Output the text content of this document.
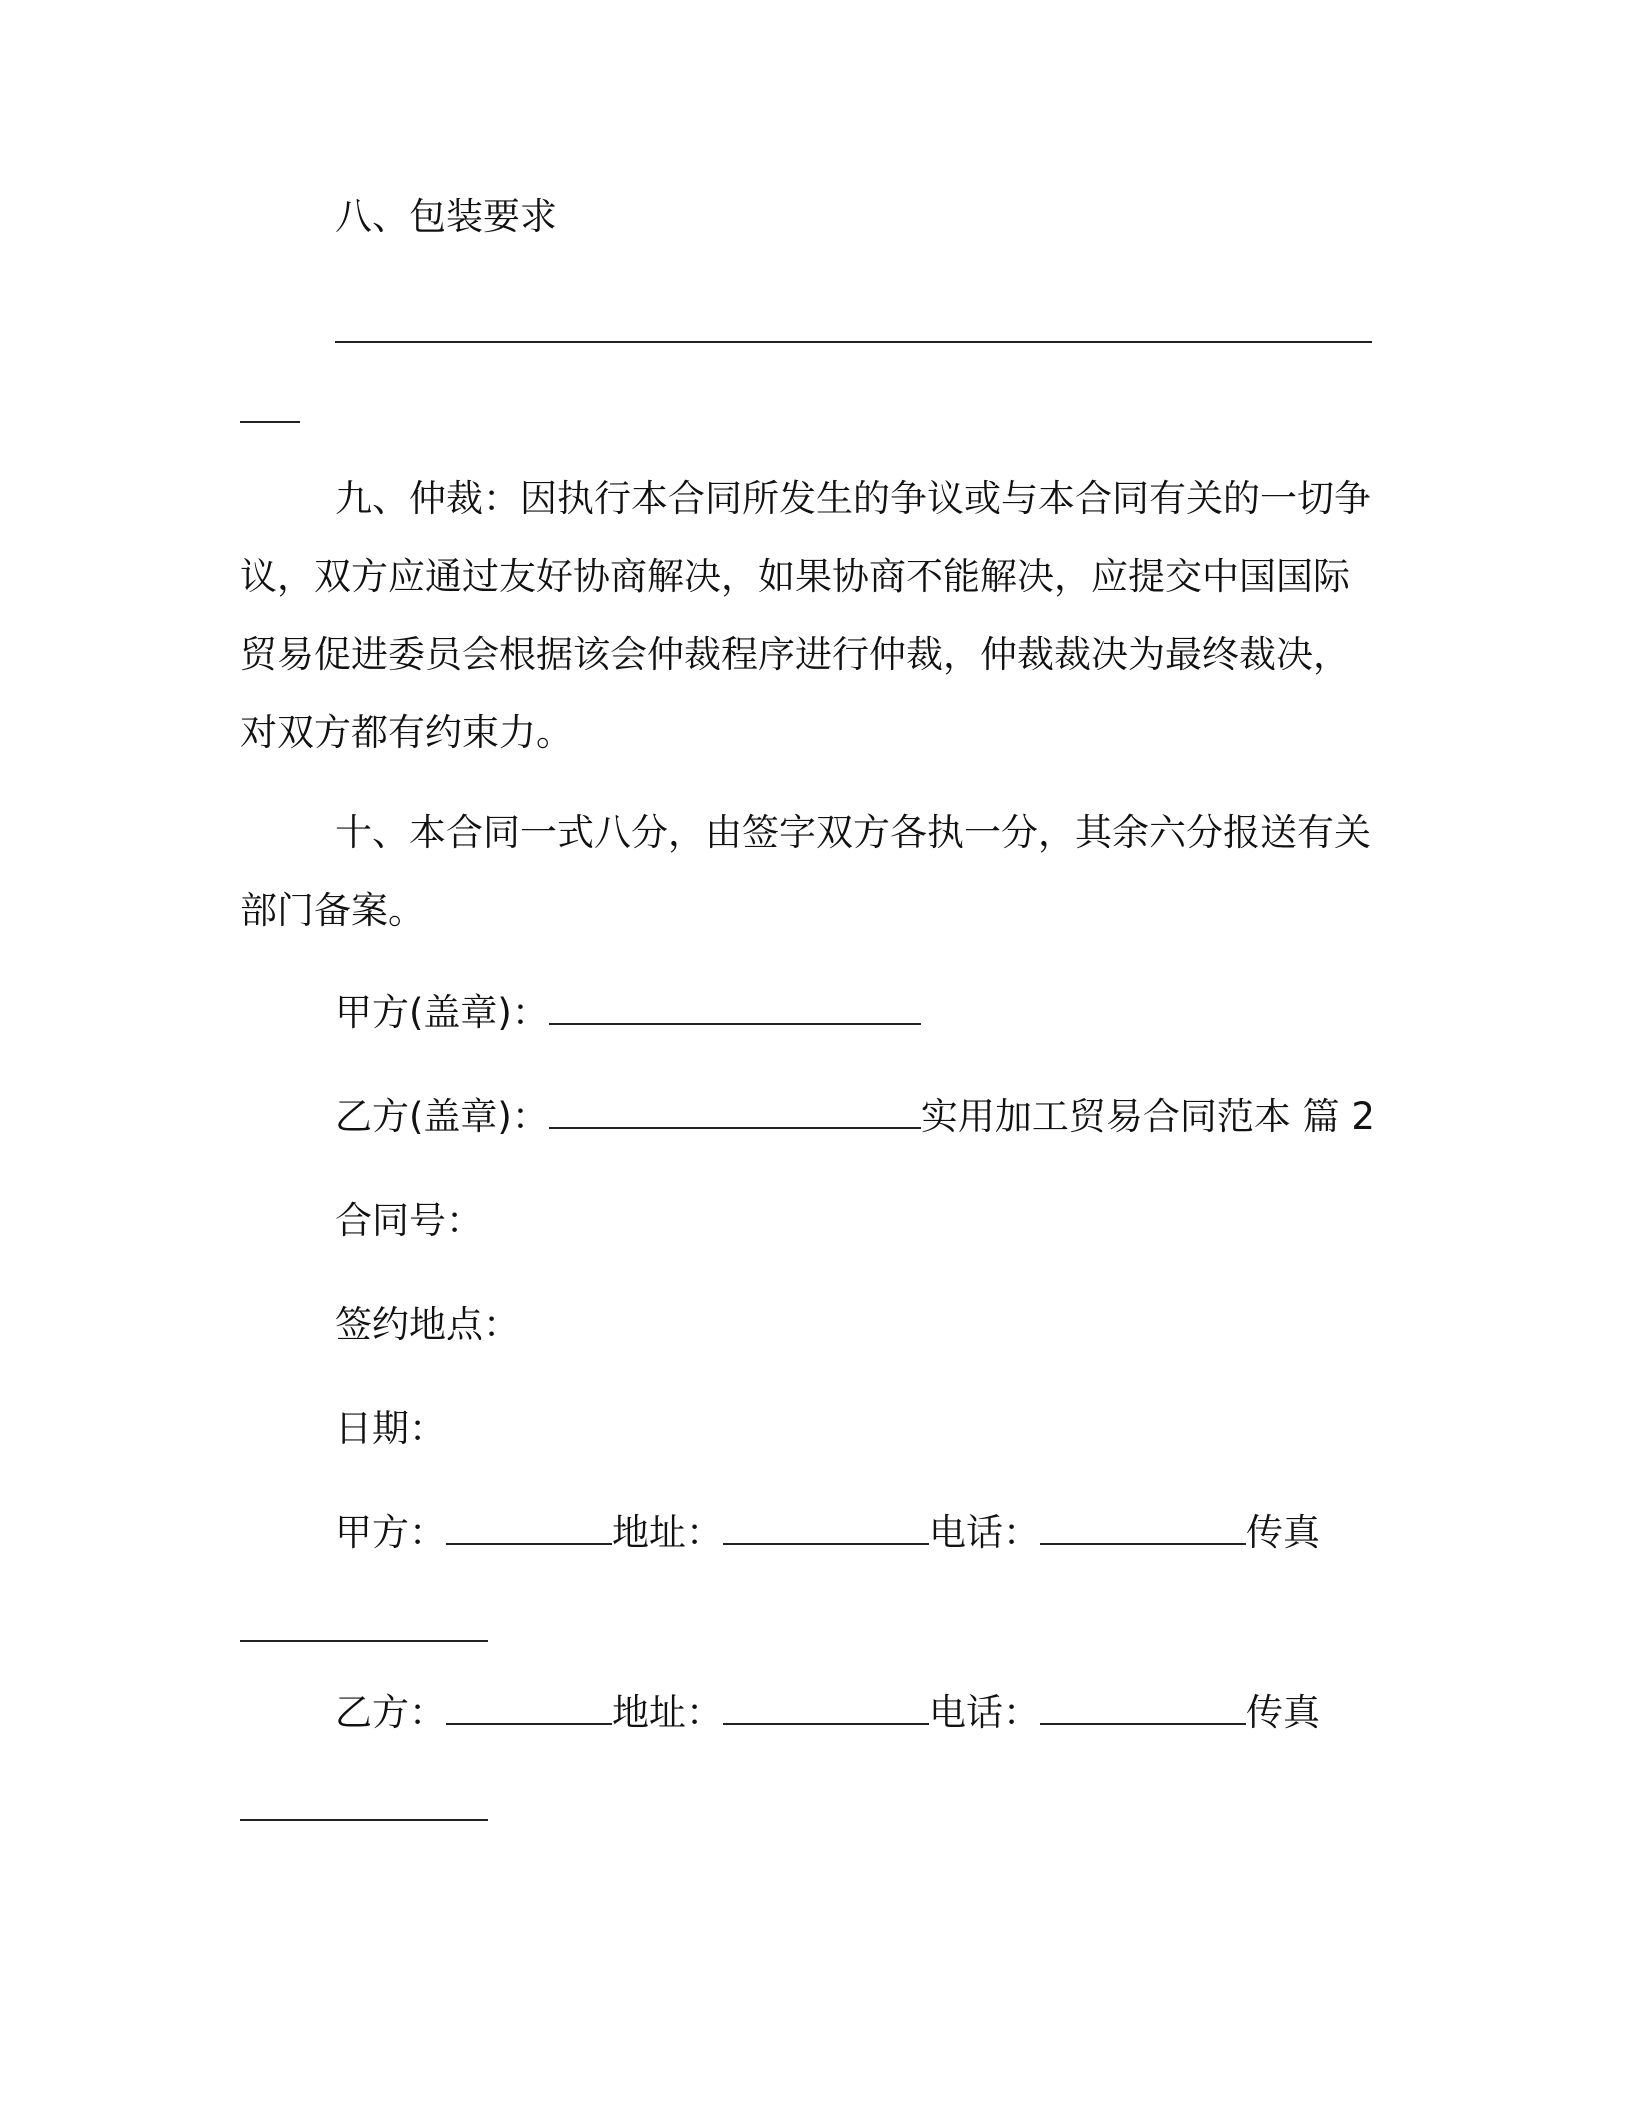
八、包装要求
九、仲裁：因执行本合同所发生的争议或与本合同有关的一切争
议，双方应通过友好协商解决，如果协商不能解决，应提交中国国际
贸易促进委员会根据该会仲裁程序进行仲裁，仲裁裁决为最终裁决，
对双方都有约束力。
十、本合同一式八分，由签字双方各执一分，其余六分报送有关
部门备案。
甲方(盖章)：
乙方(盖章)：	实用加工贸易合同范本 篇 2
合同号：
签约地点：
日期：
甲方：	地址：	电话：	传真
乙方：	地址：	电话：	传真
